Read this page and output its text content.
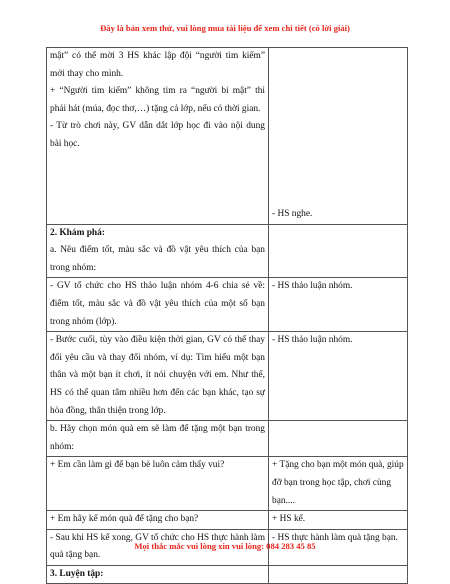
Đây là bản xem thử, vui lòng mua tài liệu để xem chi tiết (có lời giải)

mật” có thể mời 3 HS khác lập đội “người tìm kiếm” mới thay cho mình.

+ “Người tìm kiếm” không tìm ra “người bí mật” thì phải hát (múa, đọc thơ,…) tặng cả lớp, nếu có thời gian.

- Từ trò chơi này, GV dẫn dắt lớp học đi vào nội dung bài học.	- HS nghe.

2. Khám phá:

a. Nêu điểm tốt, màu sắc và đồ vật yêu thích của bạn trong nhóm:	

- GV tổ chức cho HS thảo luận nhóm 4-6 chia sẻ về: điểm tốt, màu sắc và đồ vật yêu thích của một số bạn trong nhóm (lớp).	- HS thảo luận nhóm.

- Bước cuối, tùy vào điều kiện thời gian, GV có thể thay đổi yêu cầu và thay đổi nhóm, ví dụ: Tìm hiểu một bạn thân và một bạn ít chơi, ít nói chuyện với em. Như thế, HS có thể quan tâm nhiều hơn đến các bạn khác, tạo sự hòa đồng, thân thiện trong lớp.	- HS thảo luận nhóm.

b. Hãy chọn món quà em sẽ làm để tặng một bạn trong nhóm:	

+ Em cần làm gì để bạn bè luôn cảm thấy vui?	+ Tặng cho bạn một món quà, giúp đỡ bạn trong học tập, chơi cùng bạn....

+ Em hãy kể món quà để tặng cho bạn?	+ HS kể.

- Sau khi HS kể xong, GV tổ chức cho HS thực hành làm quà tặng bạn.	- HS thực hành làm quà tặng bạn.

3. Luyện tập:	

Mọi thắc mắc vui lòng xin vui lòng: 084 283 45 85
